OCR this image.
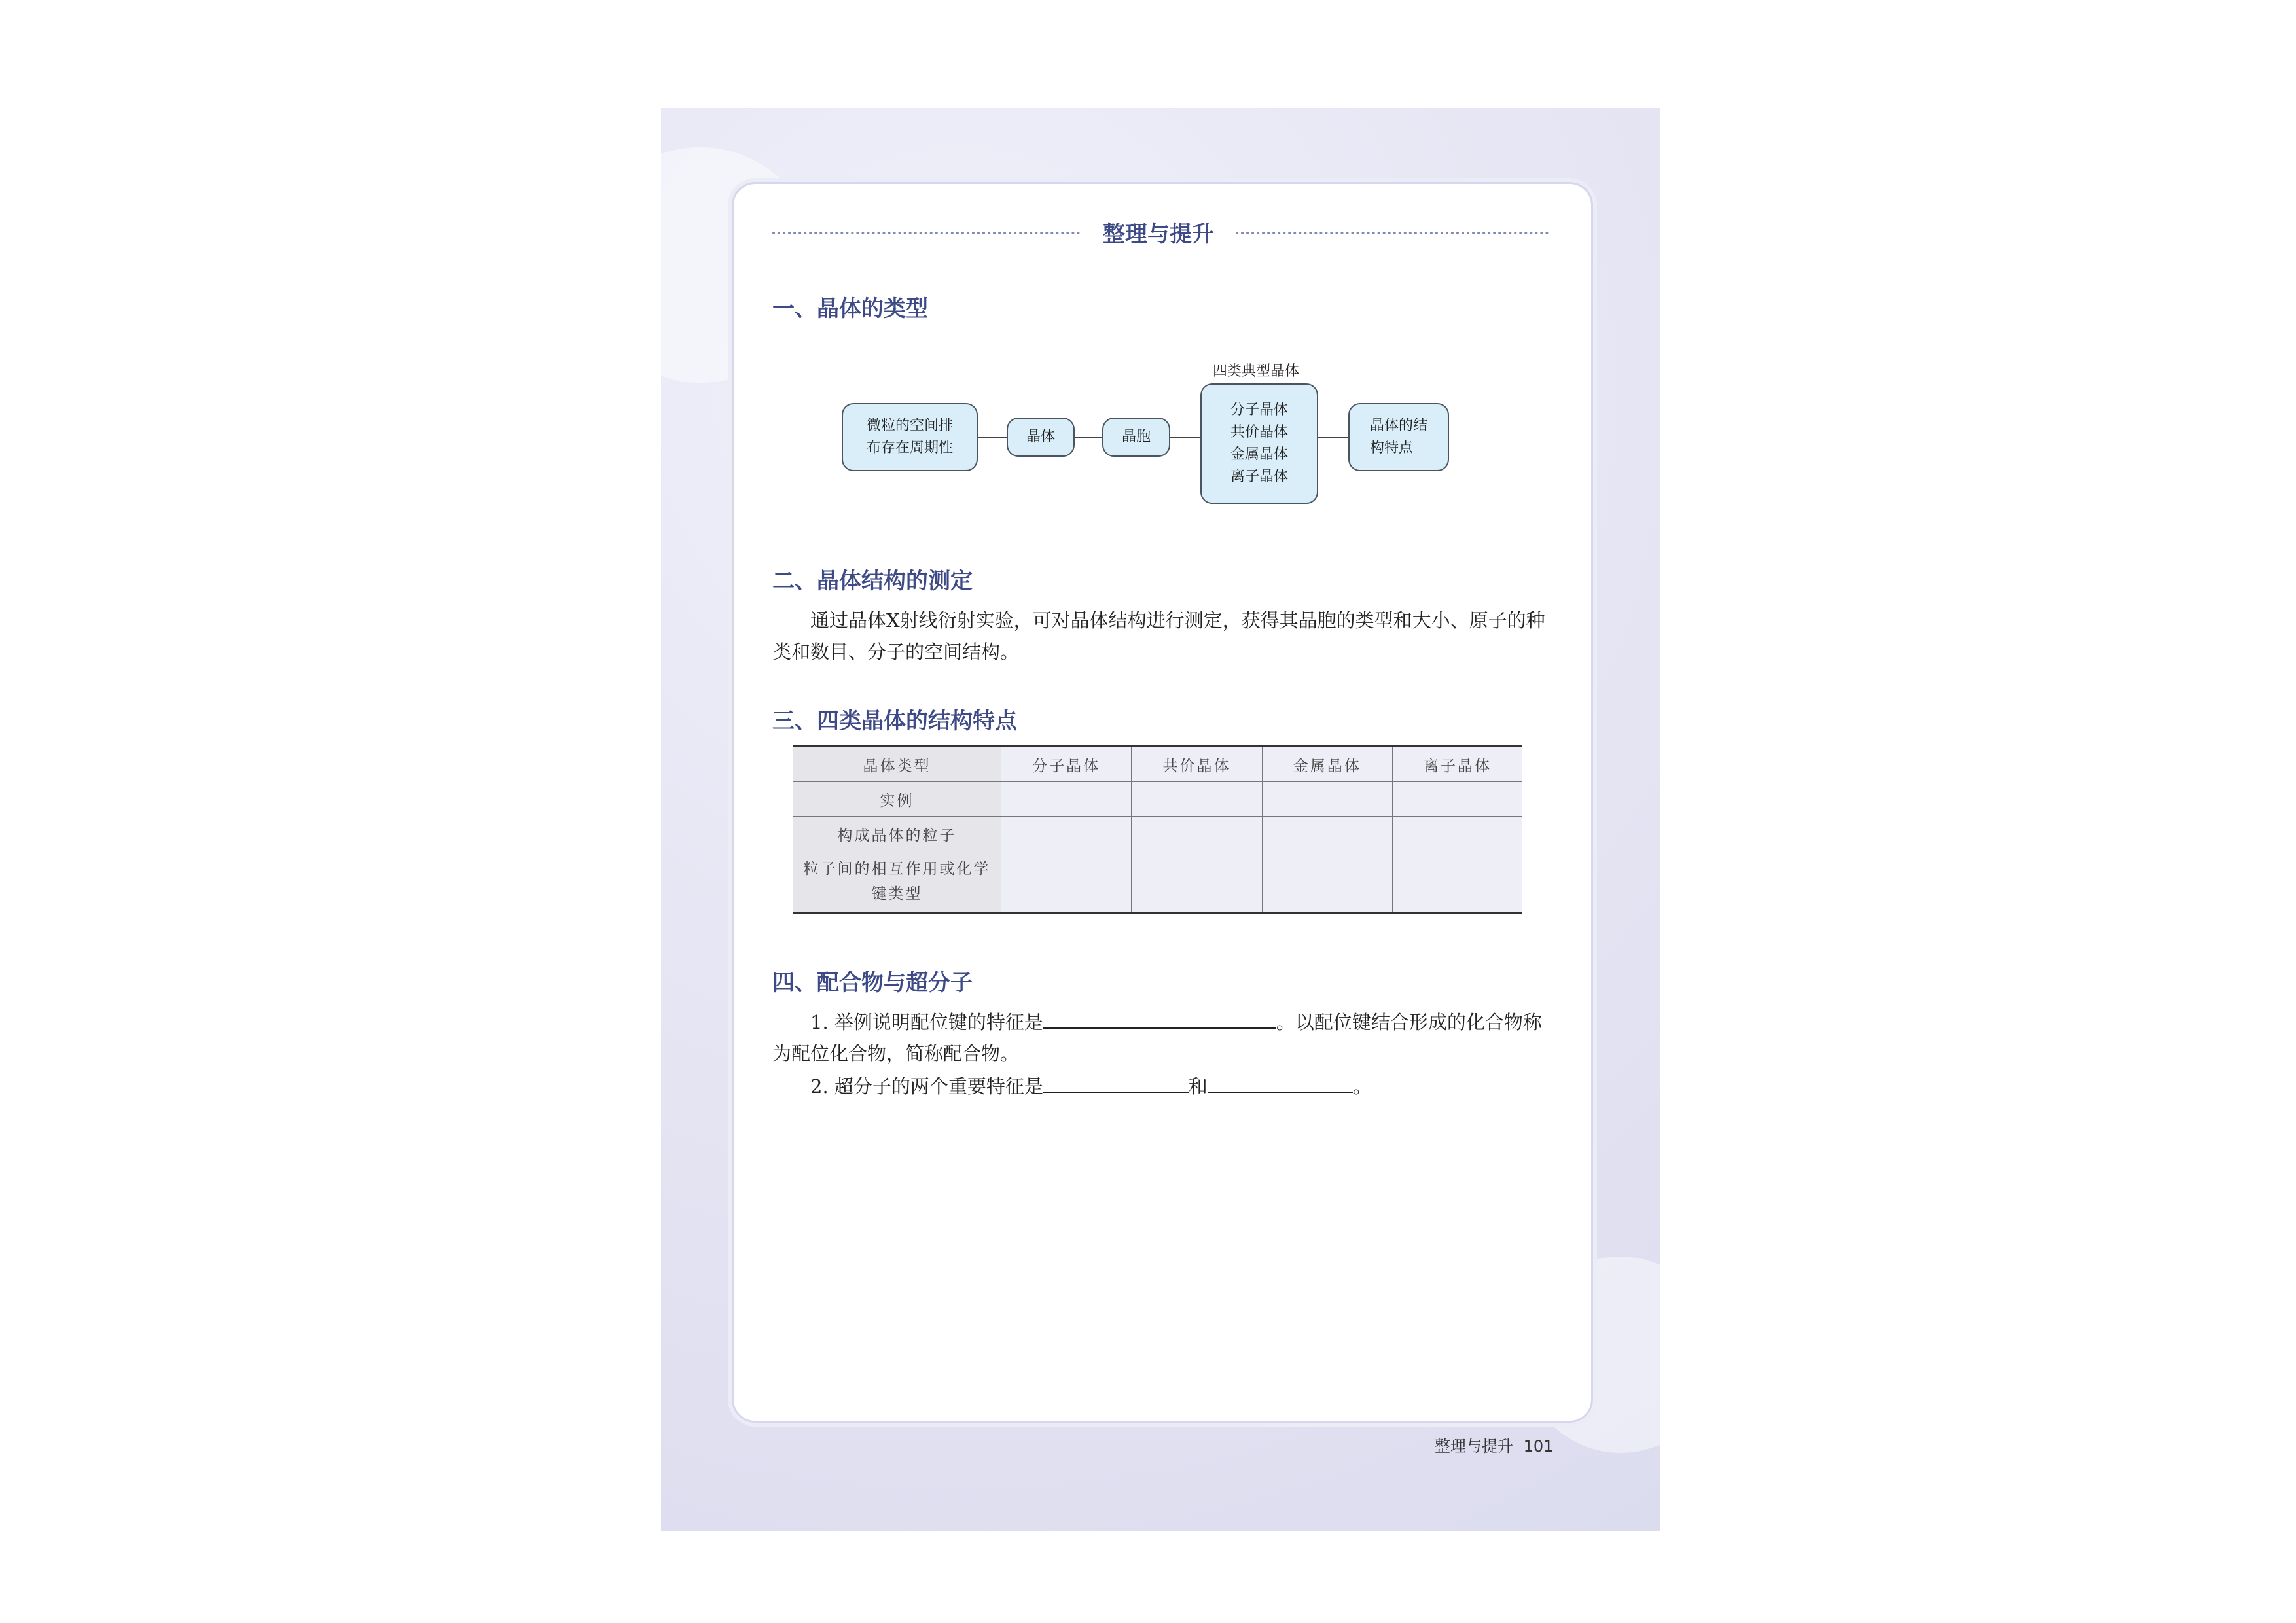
整理与提升
一、晶体的类型
四类典型晶体
微粒的空间排
布存在周期性
晶体	晶胞
分子晶体
共价晶体
金属晶体
离子晶体
晶体的结
构特点
二、晶体结构的测定
通过晶体X射线衍射实验，可对晶体结构进行测定，获得其晶胞的类型和大小、原子的种类和数目、分子的空间结构。
三、四类晶体的结构特点
晶体类型	分子晶体	共价晶体	金属晶体	离子晶体
实例				
构成晶体的粒子				
粒子间的相互作用或化学键类型				
四、配合物与超分子
1. 举例说明配位键的特征是	。以配位键结合形成的化合物称为配位化合物，简称配合物。
2. 超分子的两个重要特征是	和	。
整理与提升 101
